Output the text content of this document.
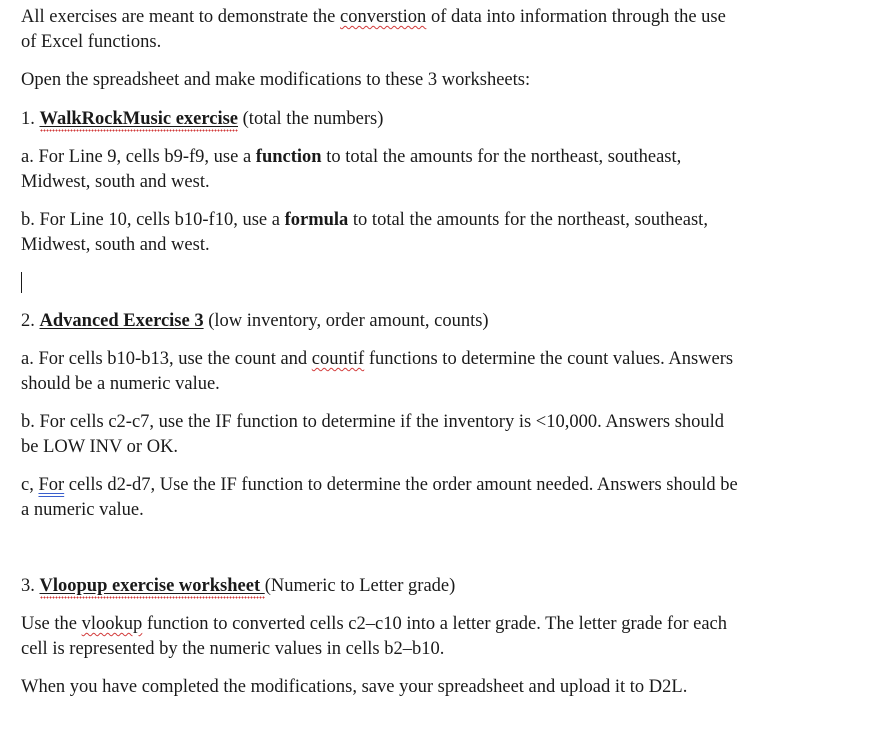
All exercises are meant to demonstrate the converstion of data into information through the use
of Excel functions.
Open the spreadsheet and make modifications to these 3 worksheets:
1. WalkRockMusic exercise (total the numbers)
a. For Line 9, cells b9-f9, use a function to total the amounts for the northeast, southeast,
Midwest, south and west.
b. For Line 10, cells b10-f10, use a formula to total the amounts for the northeast, southeast,
Midwest, south and west.
2. Advanced Exercise 3 (low inventory, order amount, counts)
a. For cells b10-b13, use the count and countif functions to determine the count values. Answers
should be a numeric value.
b. For cells c2-c7, use the IF function to determine if the inventory is <10,000. Answers should
be LOW INV or OK.
c, For cells d2-d7, Use the IF function to determine the order amount needed. Answers should be
a numeric value.
3. Vloopup exercise worksheet (Numeric to Letter grade)
Use the vlookup function to converted cells c2–c10 into a letter grade. The letter grade for each
cell is represented by the numeric values in cells b2–b10.
When you have completed the modifications, save your spreadsheet and upload it to D2L.
